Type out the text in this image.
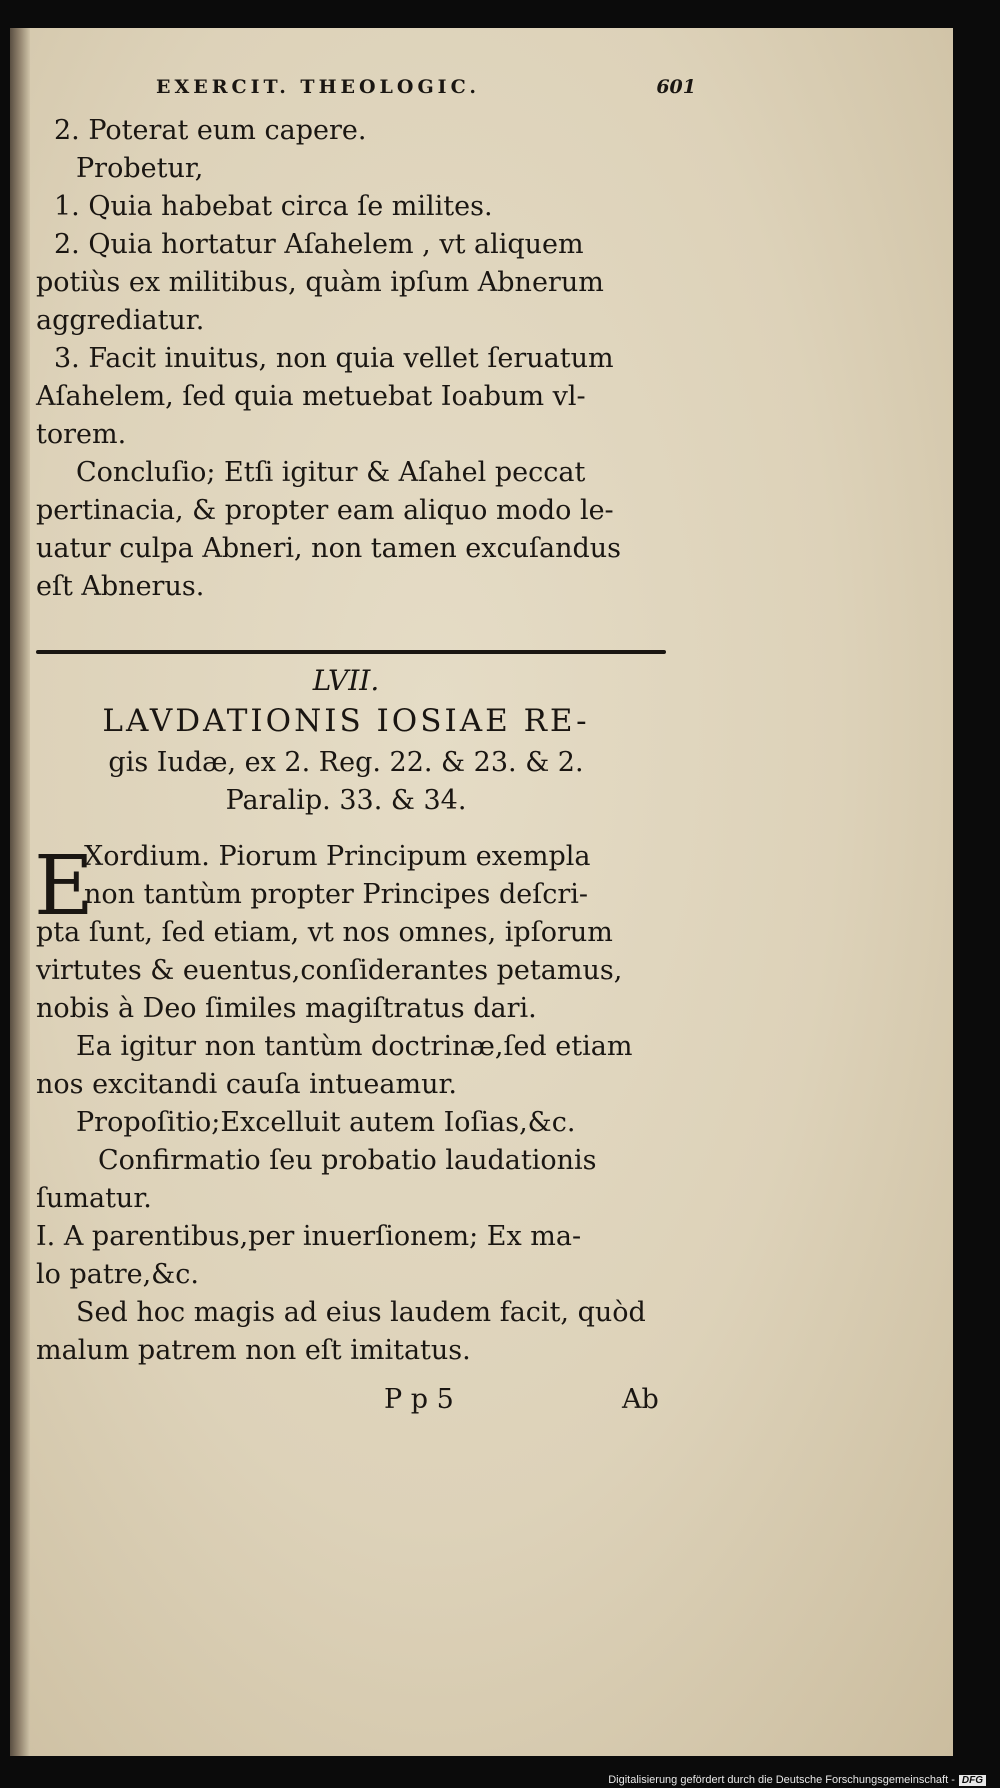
EXERCIT. THEOLOGIC.	601
2. Poterat eum capere.
Probetur,
1. Quia habebat circa ſe milites.
2. Quia hortatur Aſahelem , vt aliquem
potiùs ex militibus, quàm ipſum Abnerum
aggrediatur.
3. Facit inuitus, non quia vellet ſeruatum
Aſahelem, ſed quia metuebat Ioabum vl-
torem.
Concluſio; Etſi igitur & Aſahel peccat
pertinacia, & propter eam aliquo modo le-
uatur culpa Abneri, non tamen excuſandus
eſt Abnerus.
LVII.
LAVDATIONIS IOSIAE RE-
gis Iudæ, ex 2. Reg. 22. & 23. & 2.
Paralip. 33. & 34.
E
Xordium. Piorum Principum exempla
non tantùm propter Principes deſcri-
pta ſunt, ſed etiam, vt nos omnes, ipſorum
virtutes & euentus,conſiderantes petamus,
nobis à Deo ſimiles magiſtratus dari.
Ea igitur non tantùm doctrinæ,ſed etiam
nos excitandi cauſa intueamur.
Propoſitio;Excelluit autem Ioſias,&c.
Confirmatio ſeu probatio laudationis
ſumatur.
I. A parentibus,per inuerſionem; Ex ma-
lo patre,&c.
Sed hoc magis ad eius laudem facit, quòd
malum patrem non eſt imitatus.
P p 5	Ab
Digitalisierung gefördert durch die Deutsche Forschungsgemeinschaft - DFG
